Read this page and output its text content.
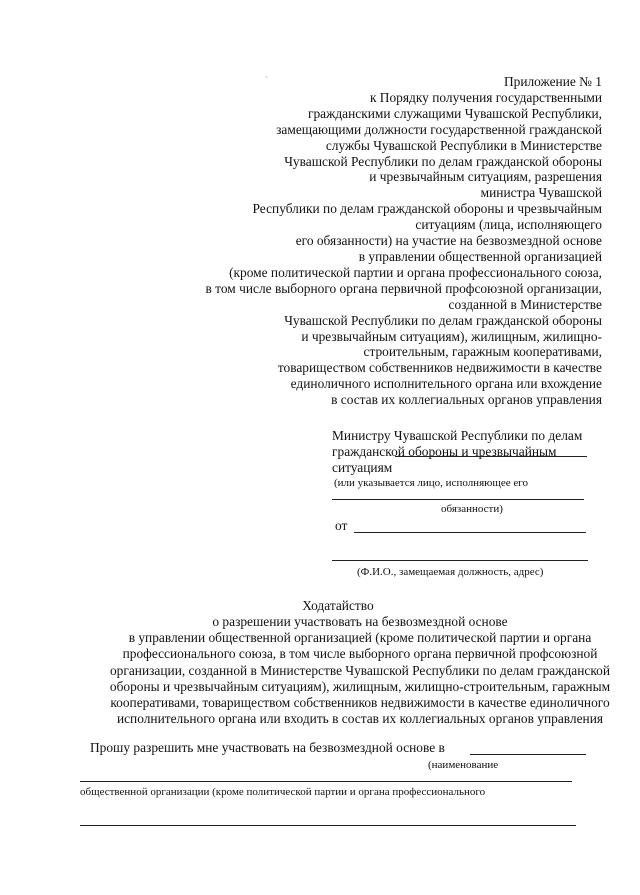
ˋ	Приложение № 1
к Порядку получения государственными
гражданскими служащими Чувашской Республики,
замещающими должности государственной гражданской
службы Чувашской Республики в Министерстве
Чувашской Республики по делам гражданской обороны
и чрезвычайным ситуациям, разрешения
министра Чувашской
Республики по делам гражданской обороны и чрезвычайным
ситуациям (лица, исполняющего
его обязанности) на участие на безвозмездной основе
в управлении общественной организацией
(кроме политической партии и органа профессионального союза,
в том числе выборного органа первичной профсоюзной организации,
созданной в Министерстве
Чувашской Республики по делам гражданской обороны
и чрезвычайным ситуациям), жилищным, жилищно-
строительным, гаражным кооперативами,
товариществом собственников недвижимости в качестве
единоличного исполнительного органа или вхождение
в состав их коллегиальных органов управления
Министру Чувашской Республики по делам
гражданской обороны и чрезвычайным
ситуациям
(или указывается лицо, исполняющее его
обязанности)
от
(Ф.И.О., замещаемая должность, адрес)
Ходатайство
о разрешении участвовать на безвозмездной основе
в управлении общественной организацией (кроме политической партии и органа
профессионального союза, в том числе выборного органа первичной профсоюзной
организации, созданной в Министерстве Чувашской Республики по делам гражданской
обороны и чрезвычайным ситуациям), жилищным, жилищно-строительным, гаражным
кооперативами, товариществом собственников недвижимости в качестве единоличного
исполнительного органа или входить в состав их коллегиальных органов управления
Прошу разрешить мне участвовать на безвозмездной основе в
(наименование
общественной организации (кроме политической партии и органа профессионального
